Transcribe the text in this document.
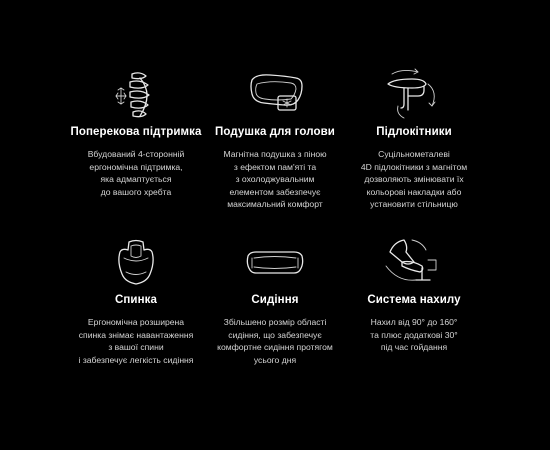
Поперекова підтримка
Вбудований 4-сторонній
ергономічна підтримка,
яка адмаптується
до вашого хребта
Подушка для голови
Магнітна подушка з піною
з ефектом пам'яті та
з охолоджувальним
елементом забезпечує
максимальний комфорт
Підлокітники
Суцільнометалеві
4D підлокітники з магнітом
дозволяють змінювати їх
кольорові накладки або
установити стільницю
Спинка
Ергономічна розширена
спинка знімає навантаження
з вашої спини
і забезпечує легкість сидіння
Сидіння
Збільшено розмір області
сидіння, що забезпечує
комфортне сидіння протягом
усього дня
Система нахилу
Нахил від 90° до 160°
та плюс додаткові 30°
під час гойдання
